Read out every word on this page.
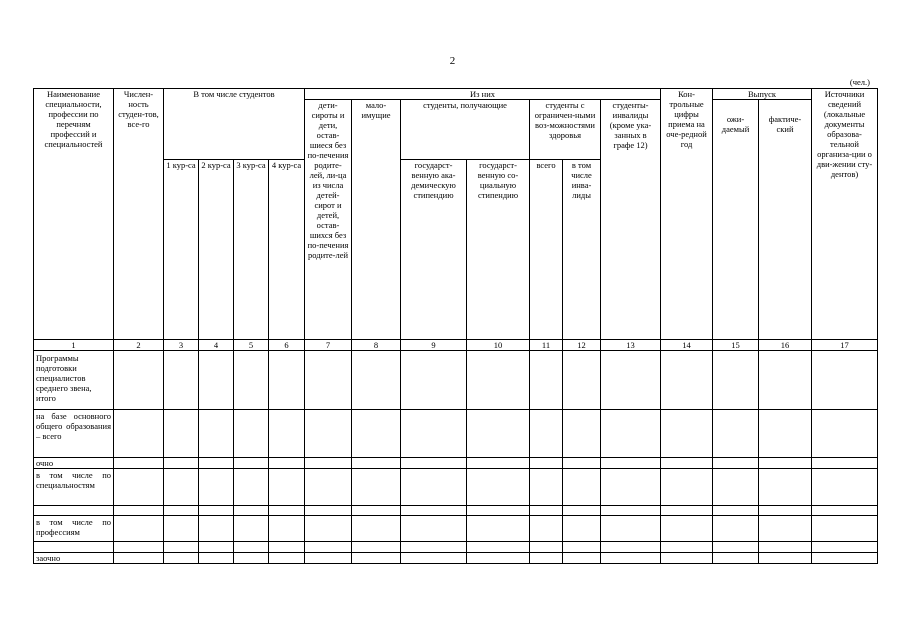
2
(чел.)
Наименование специальности, профессии по перечням профессий и специальностей	Числен-ность студен-тов, все-го	В том числе студентов				Из них							Кон-трольные цифры приема на оче-редной год	Выпуск		Источники сведений (локальные документы образова-тельной организа-ции о дви-жении сту-дентов)
						дети-сироты и дети, остав-шиеся без по-печения родите-лей, ли-ца из числа детей-сирот и детей, остав-шихся без по-печения родите-лей	мало-имущие	студенты, получающие		студенты с ограничен-ными воз-можностями здоровья		студенты-инвалиды (кроме ука-занных в графе 12)		ожи-даемый	фактиче-ский	
		1 кур-са	2 кур-са	3 кур-са	4 кур-са			государст-венную ака-демическую стипендию	государст-венную со-циальную стипендию	всего	в том числе инва-лиды					

1	2	3	4	5	6	7	8	9	10	11	12	13	14	15	16	17
Программы подготовки специалистов среднего звена, итого																
на базе основного общего образования – всего																
очно																
в том числе по специальностям																

в том числе по профессиям																

заочно																
